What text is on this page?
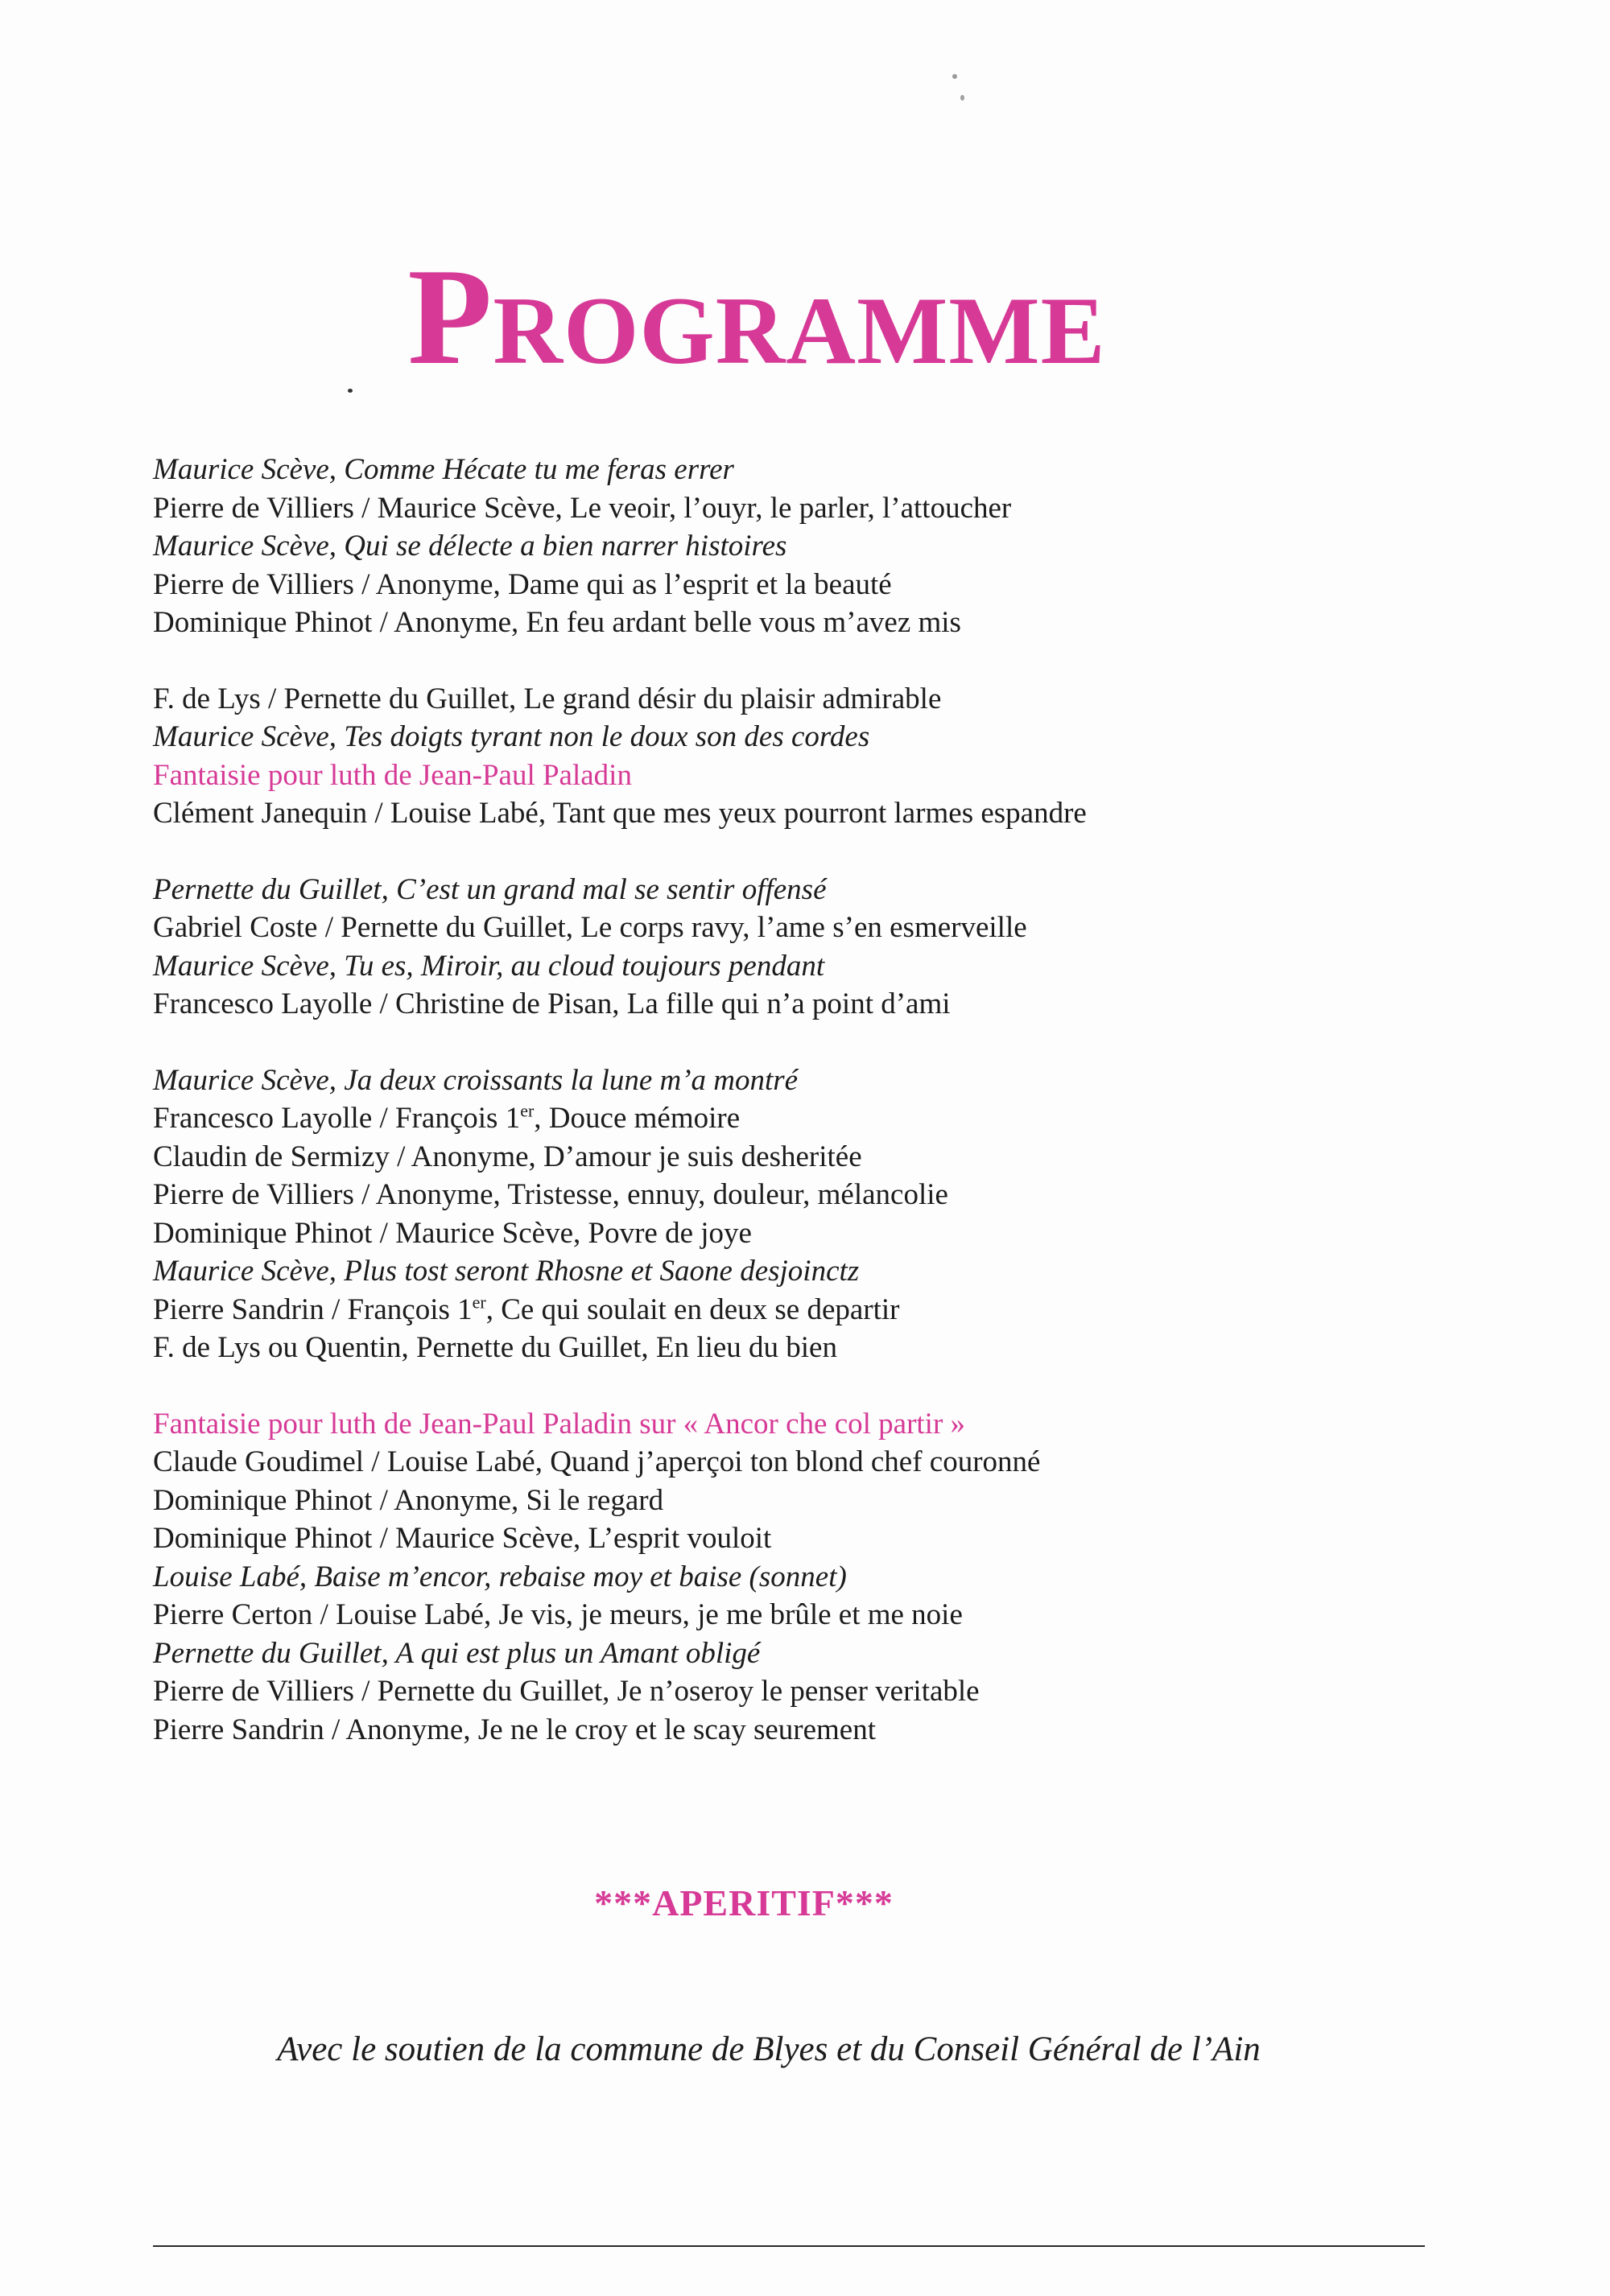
PROGRAMME
Maurice Scève, Comme Hécate tu me feras errer
Pierre de Villiers / Maurice Scève, Le veoir, l’ouyr, le parler, l’attoucher
Maurice Scève, Qui se délecte a bien narrer histoires
Pierre de Villiers / Anonyme, Dame qui as l’esprit et la beauté
Dominique Phinot / Anonyme, En feu ardant belle vous m’avez mis
F. de Lys / Pernette du Guillet, Le grand désir du plaisir admirable
Maurice Scève, Tes doigts tyrant non le doux son des cordes
Fantaisie pour luth de Jean-Paul Paladin
Clément Janequin / Louise Labé, Tant que mes yeux pourront larmes espandre
Pernette du Guillet, C’est un grand mal se sentir offensé
Gabriel Coste / Pernette du Guillet, Le corps ravy, l’ame s’en esmerveille
Maurice Scève, Tu es, Miroir, au cloud toujours pendant
Francesco Layolle / Christine de Pisan, La fille qui n’a point d’ami
Maurice Scève, Ja deux croissants la lune m’a montré
Francesco Layolle / François 1er, Douce mémoire
Claudin de Sermizy / Anonyme, D’amour je suis desheritée
Pierre de Villiers / Anonyme, Tristesse, ennuy, douleur, mélancolie
Dominique Phinot / Maurice Scève, Povre de joye
Maurice Scève, Plus tost seront Rhosne et Saone desjoinctz
Pierre Sandrin / François 1er, Ce qui soulait en deux se departir
F. de Lys ou Quentin, Pernette du Guillet, En lieu du bien
Fantaisie pour luth de Jean-Paul Paladin sur « Ancor che col partir »
Claude Goudimel / Louise Labé, Quand j’aperçoi ton blond chef couronné
Dominique Phinot / Anonyme, Si le regard
Dominique Phinot / Maurice Scève, L’esprit vouloit
Louise Labé, Baise m’encor, rebaise moy et baise (sonnet)
Pierre Certon / Louise Labé, Je vis, je meurs, je me brûle et me noie
Pernette du Guillet, A qui est plus un Amant obligé
Pierre de Villiers / Pernette du Guillet, Je n’oseroy le penser veritable
Pierre Sandrin / Anonyme, Je ne le croy et le scay seurement
***APERITIF***
Avec le soutien de la commune de Blyes et du Conseil Général de l’Ain
